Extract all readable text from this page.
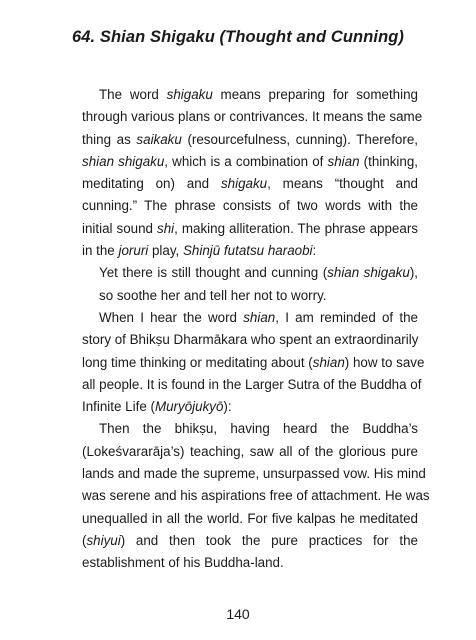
64. Shian Shigaku (Thought and Cunning)
The word shigaku means preparing for something
through various plans or contrivances. It means the same
thing as saikaku (resourcefulness, cunning). Therefore,
shian shigaku, which is a combination of shian (thinking,
meditating on) and shigaku, means “thought and
cunning.” The phrase consists of two words with the
initial sound shi, making alliteration. The phrase appears
in the joruri play, Shinjū futatsu haraobi:
Yet there is still thought and cunning (shian shigaku),
so soothe her and tell her not to worry.
When I hear the word shian, I am reminded of the
story of Bhikṣu Dharmākara who spent an extraordinarily
long time thinking or meditating about (shian) how to save
all people. It is found in the Larger Sutra of the Buddha of
Infinite Life (Muryōjukyō):
Then the bhikṣu, having heard the Buddha’s
(Lokeśvararāja’s) teaching, saw all of the glorious pure
lands and made the supreme, unsurpassed vow. His mind
was serene and his aspirations free of attachment. He was
unequalled in all the world. For five kalpas he meditated
(shiyui) and then took the pure practices for the
establishment of his Buddha-land.
140
